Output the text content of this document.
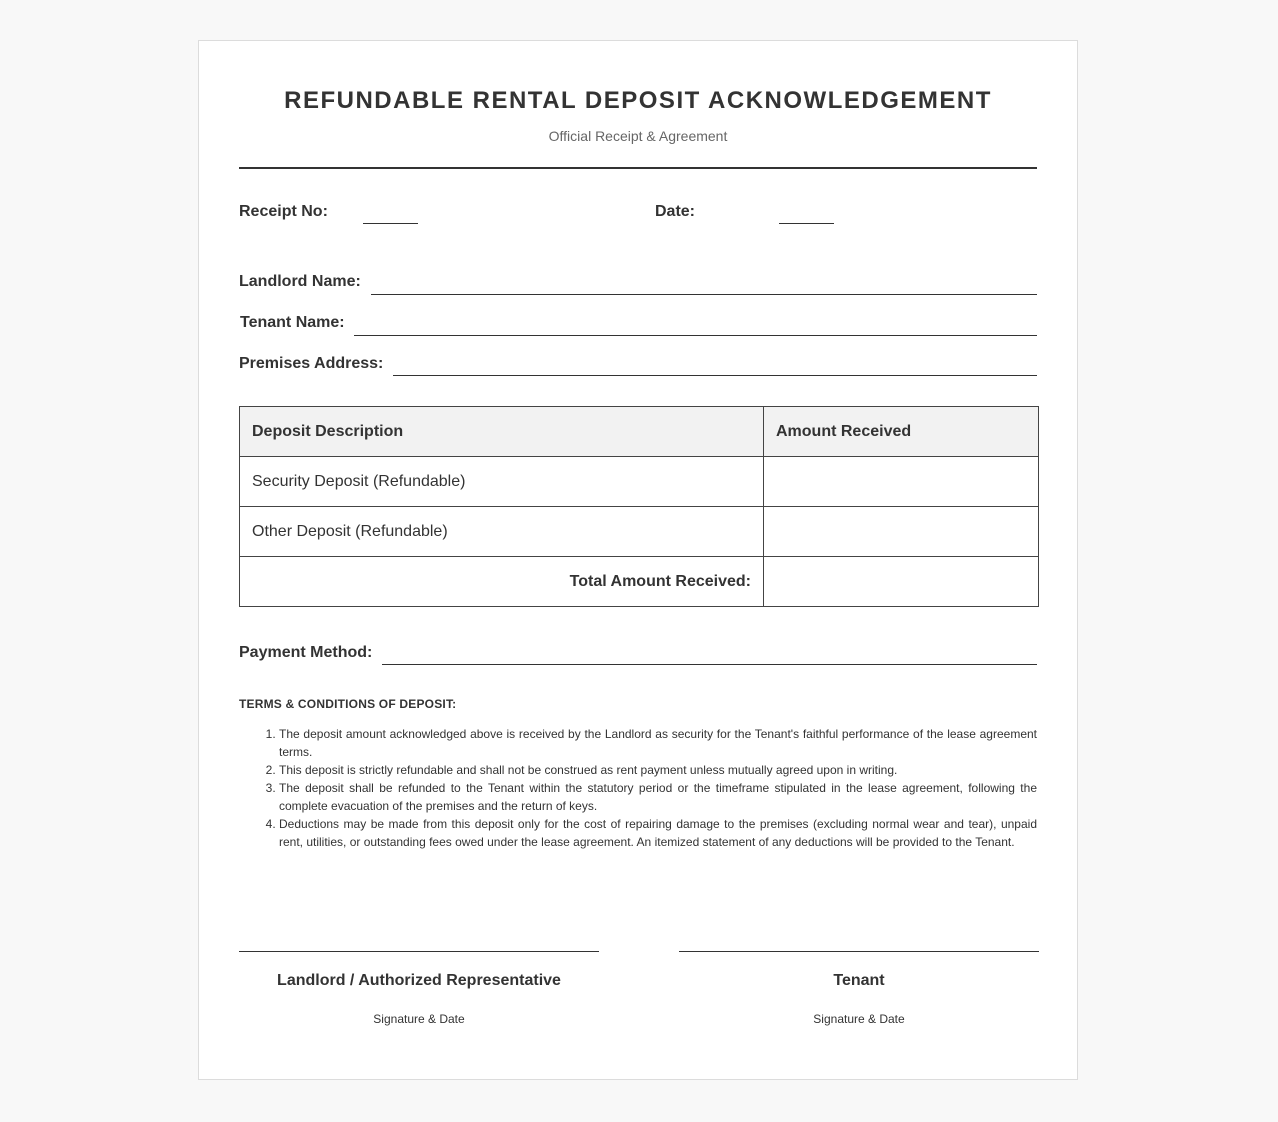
REFUNDABLE RENTAL DEPOSIT ACKNOWLEDGEMENT
Official Receipt & Agreement
Receipt No:	Date:
Landlord Name:
Tenant Name:
Premises Address:
Deposit Description	Amount Received
Security Deposit (Refundable)	
Other Deposit (Refundable)	
Total Amount Received:	
Payment Method:
TERMS & CONDITIONS OF DEPOSIT:
1. The deposit amount acknowledged above is received by the Landlord as security for the Tenant's faithful performance of the lease agreement terms.
2. This deposit is strictly refundable and shall not be construed as rent payment unless mutually agreed upon in writing.
3. The deposit shall be refunded to the Tenant within the statutory period or the timeframe stipulated in the lease agreement, following the complete evacuation of the premises and the return of keys.
4. Deductions may be made from this deposit only for the cost of repairing damage to the premises (excluding normal wear and tear), unpaid rent, utilities, or outstanding fees owed under the lease agreement. An itemized statement of any deductions will be provided to the Tenant.
Landlord / Authorized Representative
Signature & Date
Tenant
Signature & Date
